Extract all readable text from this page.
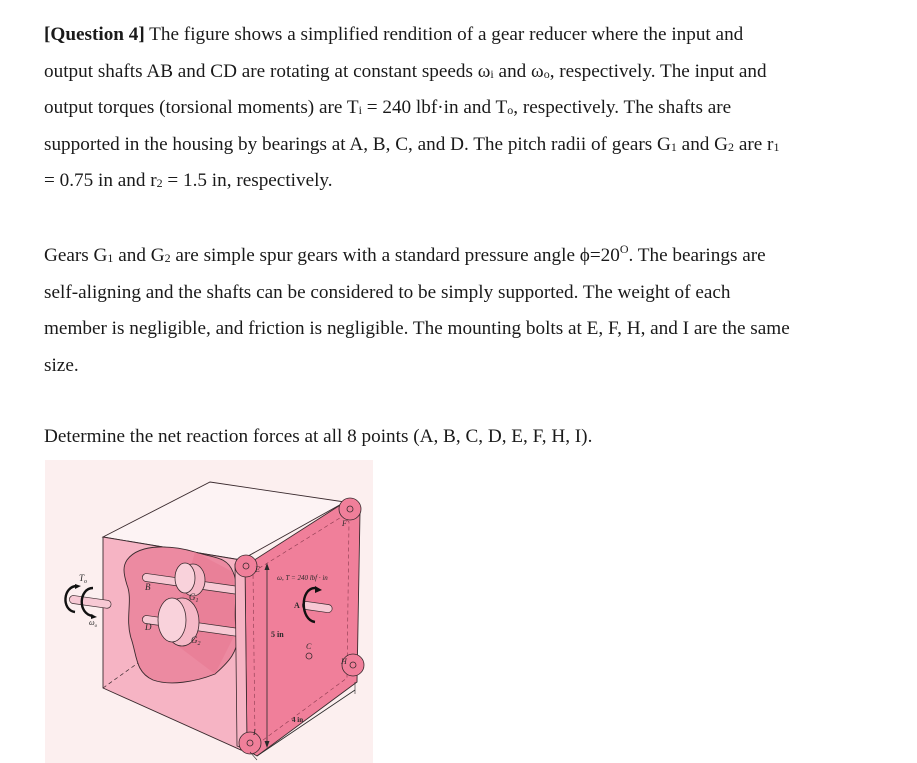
[Question 4] The figure shows a simplified rendition of a gear reducer where the input and
output shafts AB and CD are rotating at constant speeds ωi and ωo, respectively. The input and
output torques (torsional moments) are Ti = 240 lbf·in and To, respectively. The shafts are
supported in the housing by bearings at A, B, C, and D. The pitch radii of gears G1 and G2 are r1
= 0.75 in and r2 = 1.5 in, respectively.
Gears G1 and G2 are simple spur gears with a standard pressure angle $\phi=20^O$. The bearings are
self-aligning and the shafts can be considered to be simply supported. The weight of each
member is negligible, and friction is negligible. The mounting bolts at E, F, H, and I are the same
size.
Determine the net reaction forces at all 8 points (A, B, C, D, E, F, H, I).
$T_o$
$\omega_o$
B
D
$G_1$
$G_2$
E
F
H
I
A
C
ω, T = 240 lbf · in
5 in
4 in
